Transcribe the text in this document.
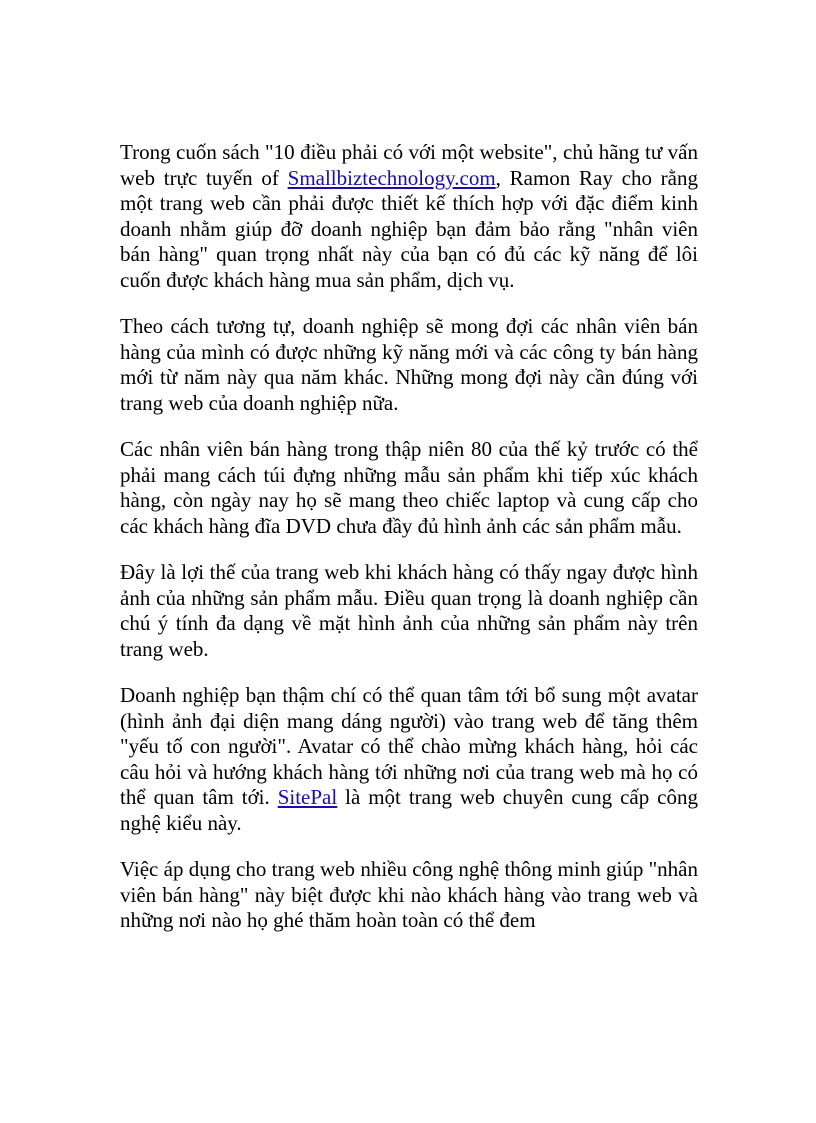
Trong cuốn sách "10 điều phải có với một website", chủ hãng tư vấn web trực tuyến of Smallbiztechnology.com, Ramon Ray cho rằng một trang web cần phải được thiết kế thích hợp với đặc điểm kinh doanh nhằm giúp đỡ doanh nghiệp bạn đảm bảo rằng "nhân viên bán hàng" quan trọng nhất này của bạn có đủ các kỹ năng để lôi cuốn được khách hàng mua sản phẩm, dịch vụ.

Theo cách tương tự, doanh nghiệp sẽ mong đợi các nhân viên bán hàng của mình có được những kỹ năng mới và các công ty bán hàng mới từ năm này qua năm khác. Những mong đợi này cần đúng với trang web của doanh nghiệp nữa.

Các nhân viên bán hàng trong thập niên 80 của thế kỷ trước có thể phải mang cách túi đựng những mẫu sản phẩm khi tiếp xúc khách hàng, còn ngày nay họ sẽ mang theo chiếc laptop và cung cấp cho các khách hàng đĩa DVD chưa đầy đủ hình ảnh các sản phẩm mẫu.

Đây là lợi thế của trang web khi khách hàng có thấy ngay được hình ảnh của những sản phẩm mẫu. Điều quan trọng là doanh nghiệp cần chú ý tính đa dạng về mặt hình ảnh của những sản phẩm này trên trang web.

Doanh nghiệp bạn thậm chí có thể quan tâm tới bổ sung một avatar (hình ảnh đại diện mang dáng người) vào trang web để tăng thêm "yếu tố con người". Avatar có thể chào mừng khách hàng, hỏi các câu hỏi và hướng khách hàng tới những nơi của trang web mà họ có thể quan tâm tới. SitePal là một trang web chuyên cung cấp công nghệ kiểu này.

Việc áp dụng cho trang web nhiều công nghệ thông minh giúp "nhân viên bán hàng" này biệt được khi nào khách hàng vào trang web và những nơi nào họ ghé thăm hoàn toàn có thể đem
